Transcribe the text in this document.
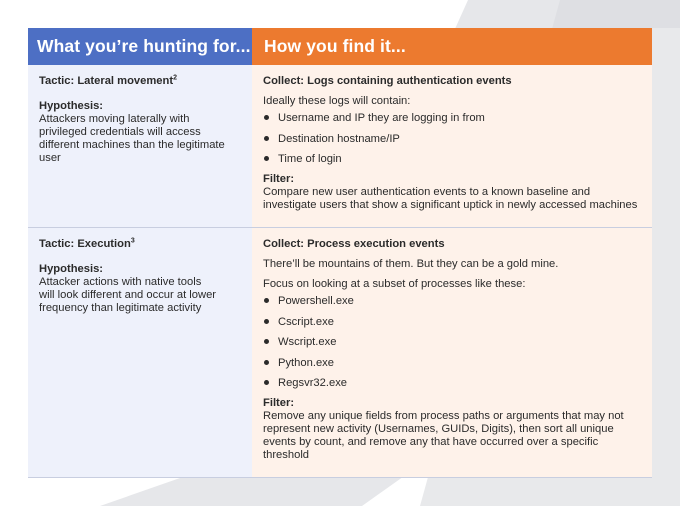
What you’re hunting for... How you find it...

Tactic: Lateral movement$^2$

Hypothesis:

Attackers moving laterally with
privileged credentials will access
different machines than the legitimate
user

Collect: Logs containing authentication events

Ideally these logs will contain:

Username and IP they are logging in from
Destination hostname/IP
Time of login

Filter:

Compare new user authentication events to a known baseline and
investigate users that show a significant uptick in newly accessed machines

Tactic: Execution$^3$

Hypothesis:

Attacker actions with native tools
will look different and occur at lower
frequency than legitimate activity

Collect: Process execution events

There’ll be mountains of them. But they can be a gold mine.

Focus on looking at a subset of processes like these:

Powershell.exe
Cscript.exe
Wscript.exe
Python.exe
Regsvr32.exe

Filter:

Remove any unique fields from process paths or arguments that may not
represent new activity (Usernames, GUIDs, Digits), then sort all unique
events by count, and remove any that have occurred over a specific
threshold
